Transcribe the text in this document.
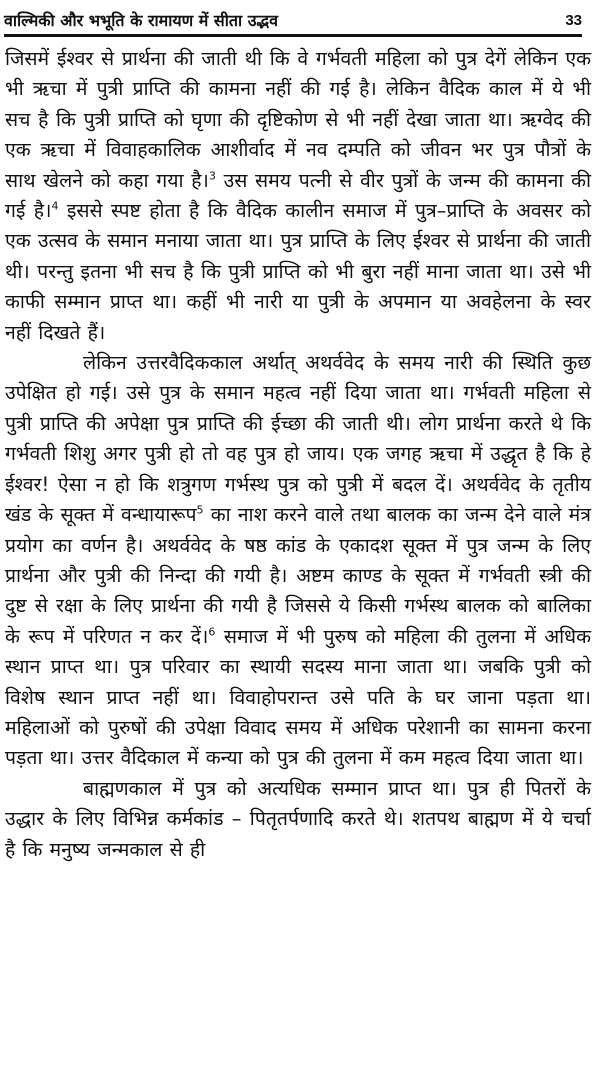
वाल्मिकी और भभूति के रामायण में सीता उद्भव	33

जिसमें ईश्वर से प्रार्थना की जाती थी कि वे गर्भवती महिला को पुत्र देगें लेकिन एक भी ऋचा में पुत्री प्राप्ति की कामना नहीं की गई है। लेकिन वैदिक काल में ये भी सच है कि पुत्री प्राप्ति को घृणा की दृष्टिकोण से भी नहीं देखा जाता था। ऋग्वेद की एक ऋचा में विवाहकालिक आशीर्वाद में नव दम्पति को जीवन भर पुत्र पौत्रों के साथ खेलने को कहा गया है।$^3$ उस समय पत्नी से वीर पुत्रों के जन्म की कामना की गई है।$^4$ इससे स्पष्ट होता है कि वैदिक कालीन समाज में पुत्र–प्राप्ति के अवसर को एक उत्सव के समान मनाया जाता था। पुत्र प्राप्ति के लिए ईश्वर से प्रार्थना की जाती थी। परन्तु इतना भी सच है कि पुत्री प्राप्ति को भी बुरा नहीं माना जाता था। उसे भी काफी सम्मान प्राप्त था। कहीं भी नारी या पुत्री के अपमान या अवहेलना के स्वर नहीं दिखते हैं।

लेकिन उत्तरवैदिककाल अर्थात् अथर्ववेद के समय नारी की स्थिति कुछ उपेक्षित हो गई। उसे पुत्र के समान महत्व नहीं दिया जाता था। गर्भवती महिला से पुत्री प्राप्ति की अपेक्षा पुत्र प्राप्ति की ईच्छा की जाती थी। लोग प्रार्थना करते थे कि गर्भवती शिशु अगर पुत्री हो तो वह पुत्र हो जाय। एक जगह ऋचा में उद्धृत है कि हे ईश्वर! ऐसा न हो कि शत्रुगण गर्भस्थ पुत्र को पुत्री में बदल दें। अथर्ववेद के तृतीय खंड के सूक्त में वन्धायारूप$^5$ का नाश करने वाले तथा बालक का जन्म देने वाले मंत्र प्रयोग का वर्णन है। अथर्ववेद के षष्ठ कांड के एकादश सूक्त में पुत्र जन्म के लिए प्रार्थना और पुत्री की निन्दा की गयी है। अष्टम काण्ड के सूक्त में गर्भवती स्त्री की दुष्ट से रक्षा के लिए प्रार्थना की गयी है जिससे ये किसी गर्भस्थ बालक को बालिका के रूप में परिणत न कर दें।$^6$ समाज में भी पुरुष को महिला की तुलना में अधिक स्थान प्राप्त था। पुत्र परिवार का स्थायी सदस्य माना जाता था। जबकि पुत्री को विशेष स्थान प्राप्त नहीं था। विवाहोपरान्त उसे पति के घर जाना पड़ता था। महिलाओं को पुरुषों की उपेक्षा विवाद समय में अधिक परेशानी का सामना करना पड़ता था। उत्तर वैदिकाल में कन्या को पुत्र की तुलना में कम महत्व दिया जाता था।

बाह्मणकाल में पुत्र को अत्यधिक सम्मान प्राप्त था। पुत्र ही पितरों के उद्धार के लिए विभिन्न कर्मकांड – पितृतर्पणादि करते थे। शतपथ बाह्मण में ये चर्चा है कि मनुष्य जन्मकाल से ही
